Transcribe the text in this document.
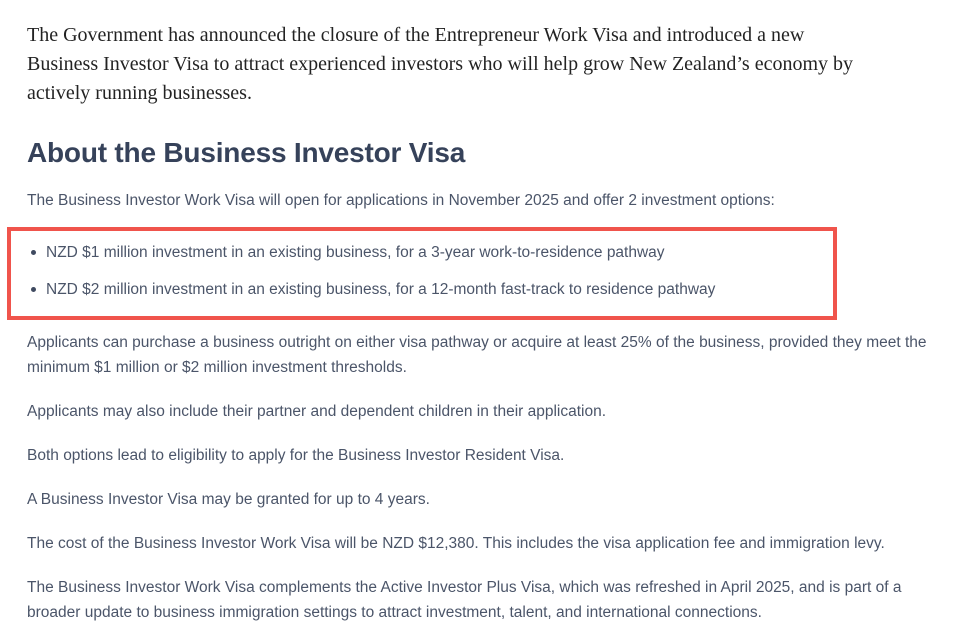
The Government has announced the closure of the Entrepreneur Work Visa and introduced a new
Business Investor Visa to attract experienced investors who will help grow New Zealand’s economy by
actively running businesses.

About the Business Investor Visa

The Business Investor Work Visa will open for applications in November 2025 and offer 2 investment options:

NZD $1 million investment in an existing business, for a 3-year work-to-residence pathway
NZD $2 million investment in an existing business, for a 12-month fast-track to residence pathway

Applicants can purchase a business outright on either visa pathway or acquire at least 25% of the business, provided they meet the minimum $1 million or $2 million investment thresholds.

Applicants may also include their partner and dependent children in their application.

Both options lead to eligibility to apply for the Business Investor Resident Visa.

A Business Investor Visa may be granted for up to 4 years.

The cost of the Business Investor Work Visa will be NZD $12,380. This includes the visa application fee and immigration levy.

The Business Investor Work Visa complements the Active Investor Plus Visa, which was refreshed in April 2025, and is part of a broader update to business immigration settings to attract investment, talent, and international connections.
